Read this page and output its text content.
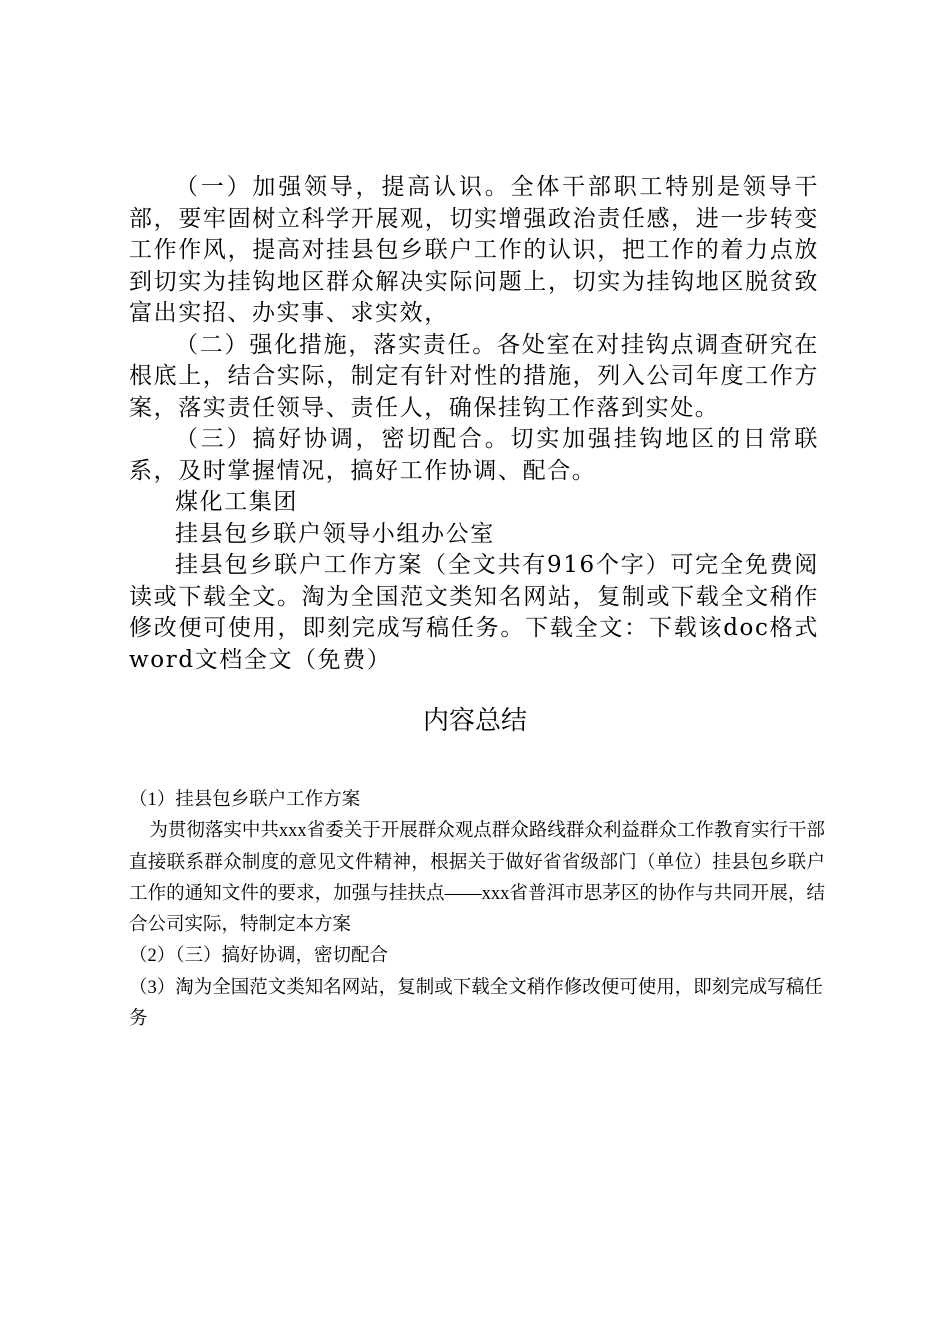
（一）加强领导，提高认识。全体干部职工特别是领导干部，要牢固树立科学开展观，切实增强政治责任感，进一步转变工作作风，提高对挂县包乡联户工作的认识，把工作的着力点放到切实为挂钩地区群众解决实际问题上，切实为挂钩地区脱贫致富出实招、办实事、求实效，

（二）强化措施，落实责任。各处室在对挂钩点调查研究在根底上，结合实际，制定有针对性的措施，列入公司年度工作方案，落实责任领导、责任人，确保挂钩工作落到实处。

（三）搞好协调，密切配合。切实加强挂钩地区的日常联系，及时掌握情况，搞好工作协调、配合。

煤化工集团

挂县包乡联户领导小组办公室

挂县包乡联户工作方案（全文共有916个字）可完全免费阅读或下载全文。淘为全国范文类知名网站，复制或下载全文稍作修改便可使用，即刻完成写稿任务。下载全文：下载该doc格式word文档全文（免费）

内容总结

（1）挂县包乡联户工作方案

为贯彻落实中共xxx省委关于开展群众观点群众路线群众利益群众工作教育实行干部直接联系群众制度的意见文件精神，根据关于做好省省级部门（单位）挂县包乡联户工作的通知文件的要求，加强与挂扶点——xxx省普洱市思茅区的协作与共同开展，结合公司实际，特制定本方案

（2）（三）搞好协调，密切配合

（3）淘为全国范文类知名网站，复制或下载全文稍作修改便可使用，即刻完成写稿任务
